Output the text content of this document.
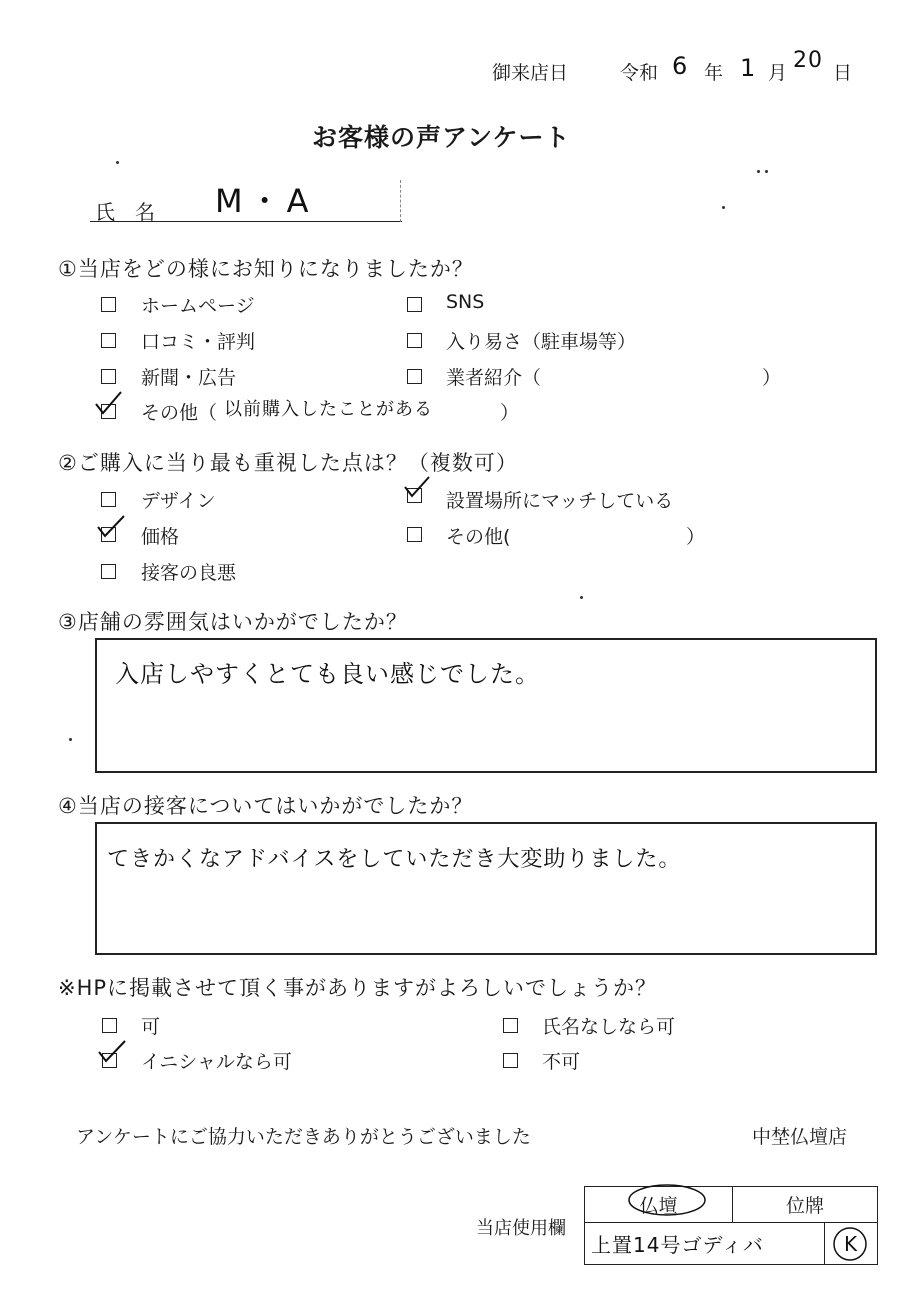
御来店日	令和 6 年 1 月 20 日
お客様の声アンケート
氏　名 M・A
①当店をどの様にお知りになりましたか？
ホームページ	SNS
口コミ・評判	入り易さ（駐車場等）
新聞・広告	業者紹介（	）
その他（ 以前購入したことがある	）
②ご購入に当り最も重視した点は？（複数可）
デザイン	設置場所にマッチしている
価格	その他(	）
接客の良悪
③店舗の雰囲気はいかがでしたか？
入店しやすくとても良い感じでした。
④当店の接客についてはいかがでしたか？
てきかくなアドバイスをしていただき大変助りました。
※HPに掲載させて頂く事がありますがよろしいでしょうか？
可	氏名なしなら可
イニシャルなら可	不可
アンケートにご協力いただきありがとうございました	中埜仏壇店
当店使用欄
仏壇	位牌	
上置14号ゴディバ		K
